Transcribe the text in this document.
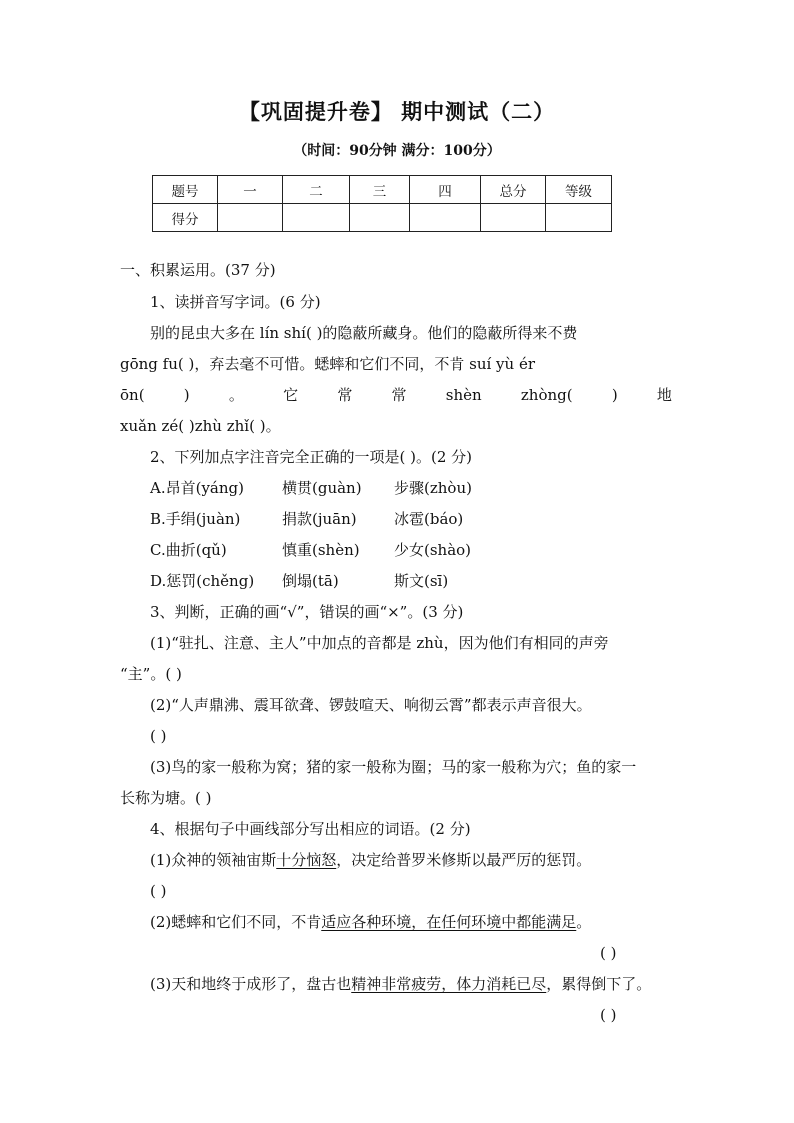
【巩固提升卷】 期中测试（二）
（时间：90分钟 满分：100分）
题号	一	二	三	四	总分	等级
得分						
一、积累运用。(37 分)
1、读拼音写字词。(6 分)
别的昆虫大多在 lín shí( )的隐蔽所藏身。他们的隐蔽所得来不费
gōng fu( )，弃去毫不可惜。蟋蟀和它们不同，不肯 suí yù ér
ōn(	)	。	它	常	常	shèn	zhòng(	)	地
xuǎn zé( )zhù zhǐ( )。
2、下列加点字注音完全正确的一项是( )。(2 分)
A.昂首(yáng)	横贯(guàn) 步骤(zhòu)
B.手绢(juàn)	捐款(juān) 冰雹(báo)
C.曲折(qǔ)	慎重(shèn) 少女(shào)
D.惩罚(chěng) 倒塌(tā)	斯文(sī)
3、判断，正确的画“√”，错误的画“×”。(3 分)
(1)“驻扎、注意、主人”中加点的音都是 zhù，因为他们有相同的声旁
“主”。( )
(2)“人声鼎沸、震耳欲聋、锣鼓喧天、响彻云霄”都表示声音很大。
( )
(3)鸟的家一般称为窝；猪的家一般称为圈；马的家一般称为穴；鱼的家一
长称为塘。( )
4、根据句子中画线部分写出相应的词语。(2 分)
(1)众神的领袖宙斯十分恼怒，决定给普罗米修斯以最严厉的惩罚。
( )
(2)蟋蟀和它们不同，不肯适应各种环境，在任何环境中都能满足。
( )
(3)天和地终于成形了，盘古也精神非常疲劳，体力消耗已尽，累得倒下了。
( )
